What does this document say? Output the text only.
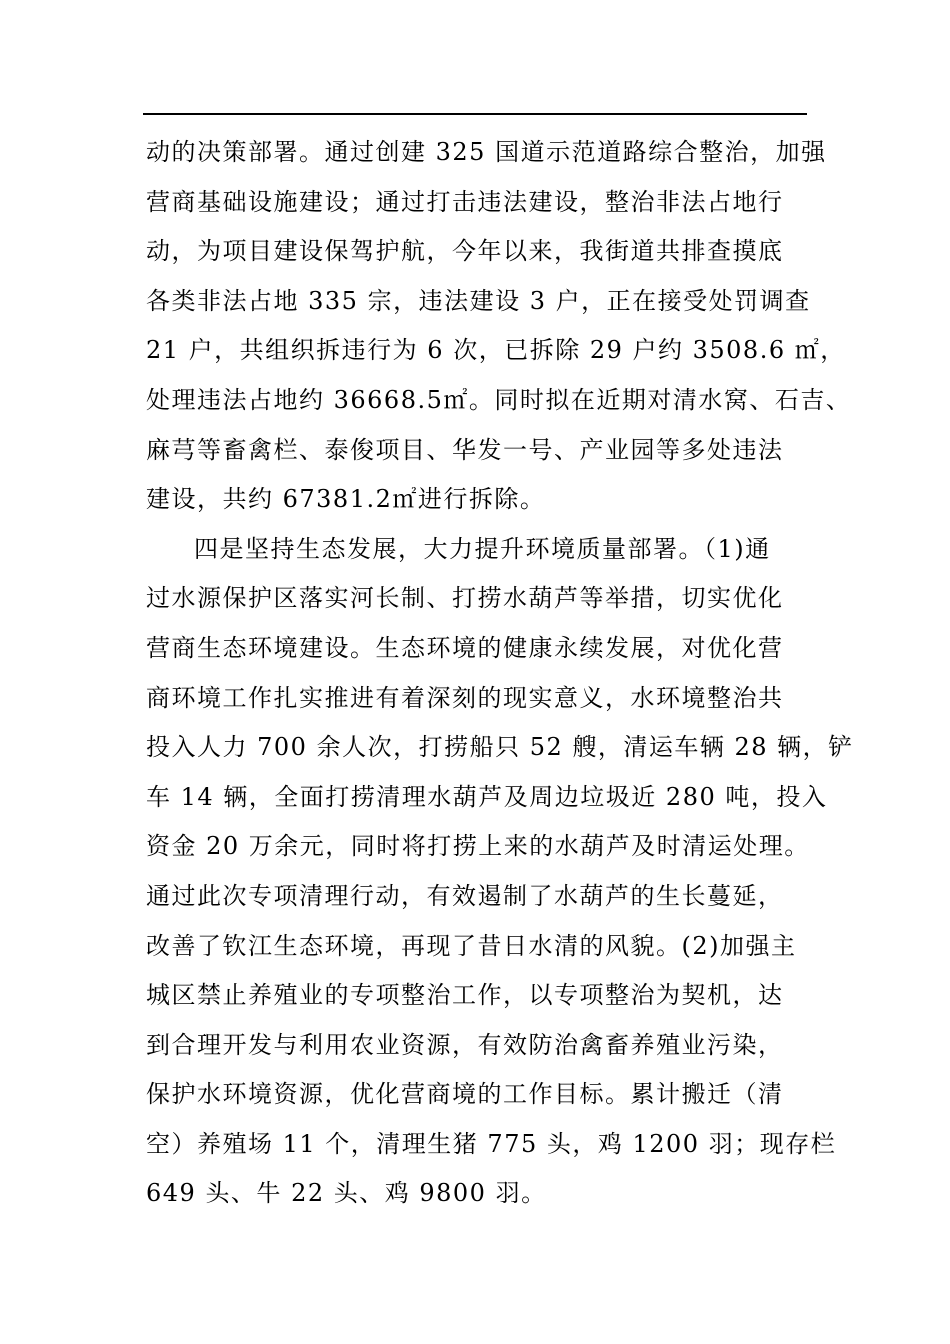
动的决策部署。通过创建 325 国道示范道路综合整治，加强
营商基础设施建设；通过打击违法建设，整治非法占地行
动，为项目建设保驾护航，今年以来，我街道共排查摸底
各类非法占地 335 宗，违法建设 3 户，正在接受处罚调查
21 户，共组织拆违行为 6 次，已拆除 29 户约 3508.6 ㎡，
处理违法占地约 36668.5㎡。同时拟在近期对清水窝、石吉、
麻芎等畜禽栏、泰俊项目、华发一号、产业园等多处违法
建设，共约 67381.2㎡进行拆除。
四是坚持生态发展，大力提升环境质量部署。（1)通
过水源保护区落实河长制、打捞水葫芦等举措，切实优化
营商生态环境建设。生态环境的健康永续发展，对优化营
商环境工作扎实推进有着深刻的现实意义，水环境整治共
投入人力 700 余人次，打捞船只 52 艘，清运车辆 28 辆，铲
车 14 辆，全面打捞清理水葫芦及周边垃圾近 280 吨，投入
资金 20 万余元，同时将打捞上来的水葫芦及时清运处理。
通过此次专项清理行动，有效遏制了水葫芦的生长蔓延，
改善了钦江生态环境，再现了昔日水清的风貌。(2)加强主
城区禁止养殖业的专项整治工作，以专项整治为契机，达
到合理开发与利用农业资源，有效防治禽畜养殖业污染，
保护水环境资源，优化营商境的工作目标。累计搬迁（清
空）养殖场 11 个，清理生猪 775 头，鸡 1200 羽；现存栏
649 头、牛 22 头、鸡 9800 羽。
